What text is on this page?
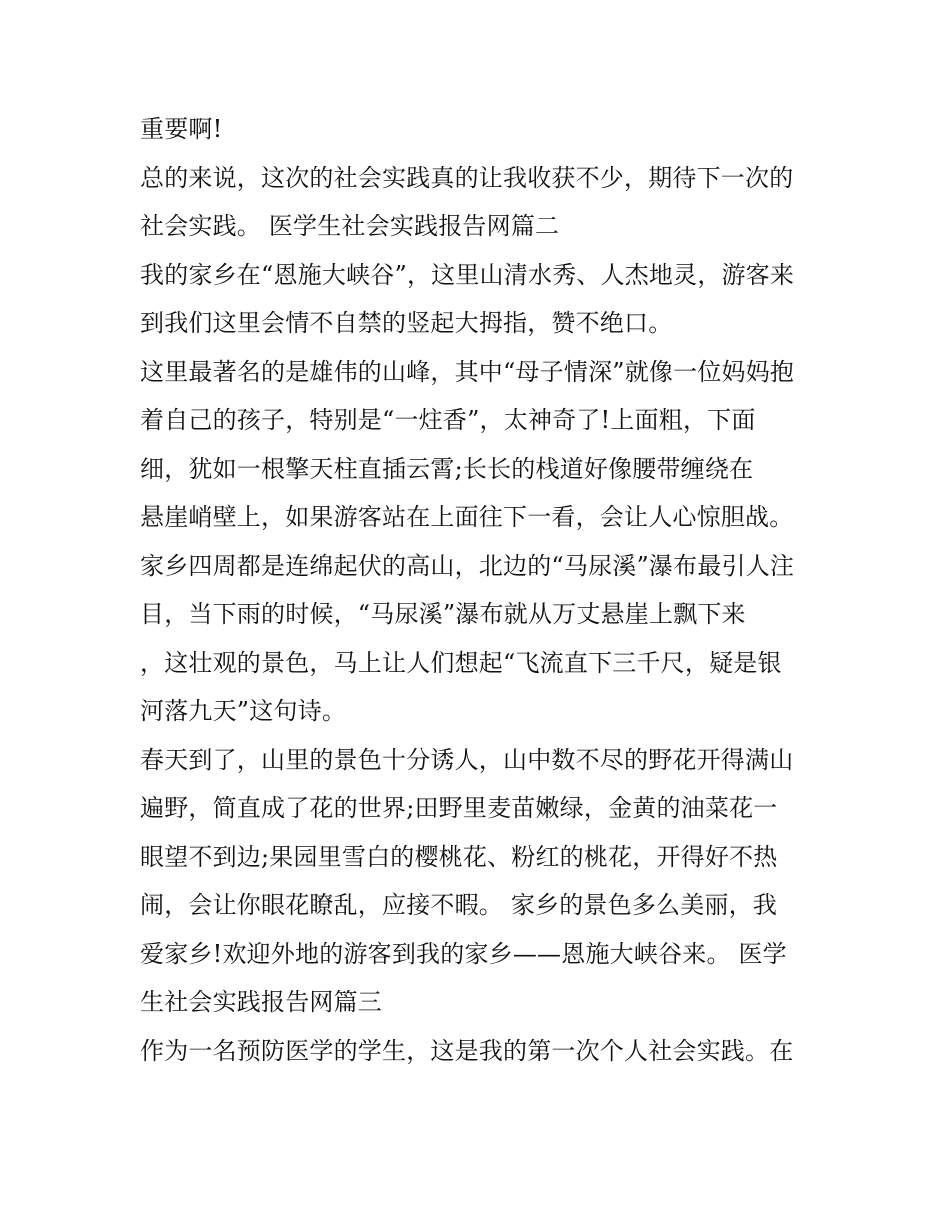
重要啊!
总的来说，这次的社会实践真的让我收获不少，期待下一次的
社会实践。 医学生社会实践报告网篇二
我的家乡在“恩施大峡谷”，这里山清水秀、人杰地灵，游客来
到我们这里会情不自禁的竖起大拇指，赞不绝口。
这里最著名的是雄伟的山峰，其中“母子情深”就像一位妈妈抱
着自己的孩子，特别是“一炷香”，太神奇了!上面粗，下面
细，犹如一根擎天柱直插云霄;长长的栈道好像腰带缠绕在
悬崖峭壁上，如果游客站在上面往下一看，会让人心惊胆战。
家乡四周都是连绵起伏的高山，北边的“马尿溪”瀑布最引人注
目，当下雨的时候，“马尿溪”瀑布就从万丈悬崖上飘下来
，这壮观的景色，马上让人们想起“飞流直下三千尺，疑是银
河落九天”这句诗。
春天到了，山里的景色十分诱人，山中数不尽的野花开得满山
遍野，简直成了花的世界;田野里麦苗嫩绿，金黄的油菜花一
眼望不到边;果园里雪白的樱桃花、粉红的桃花，开得好不热
闹，会让你眼花瞭乱，应接不暇。 家乡的景色多么美丽，我
爱家乡!欢迎外地的游客到我的家乡——恩施大峡谷来。 医学
生社会实践报告网篇三
作为一名预防医学的学生，这是我的第一次个人社会实践。在
